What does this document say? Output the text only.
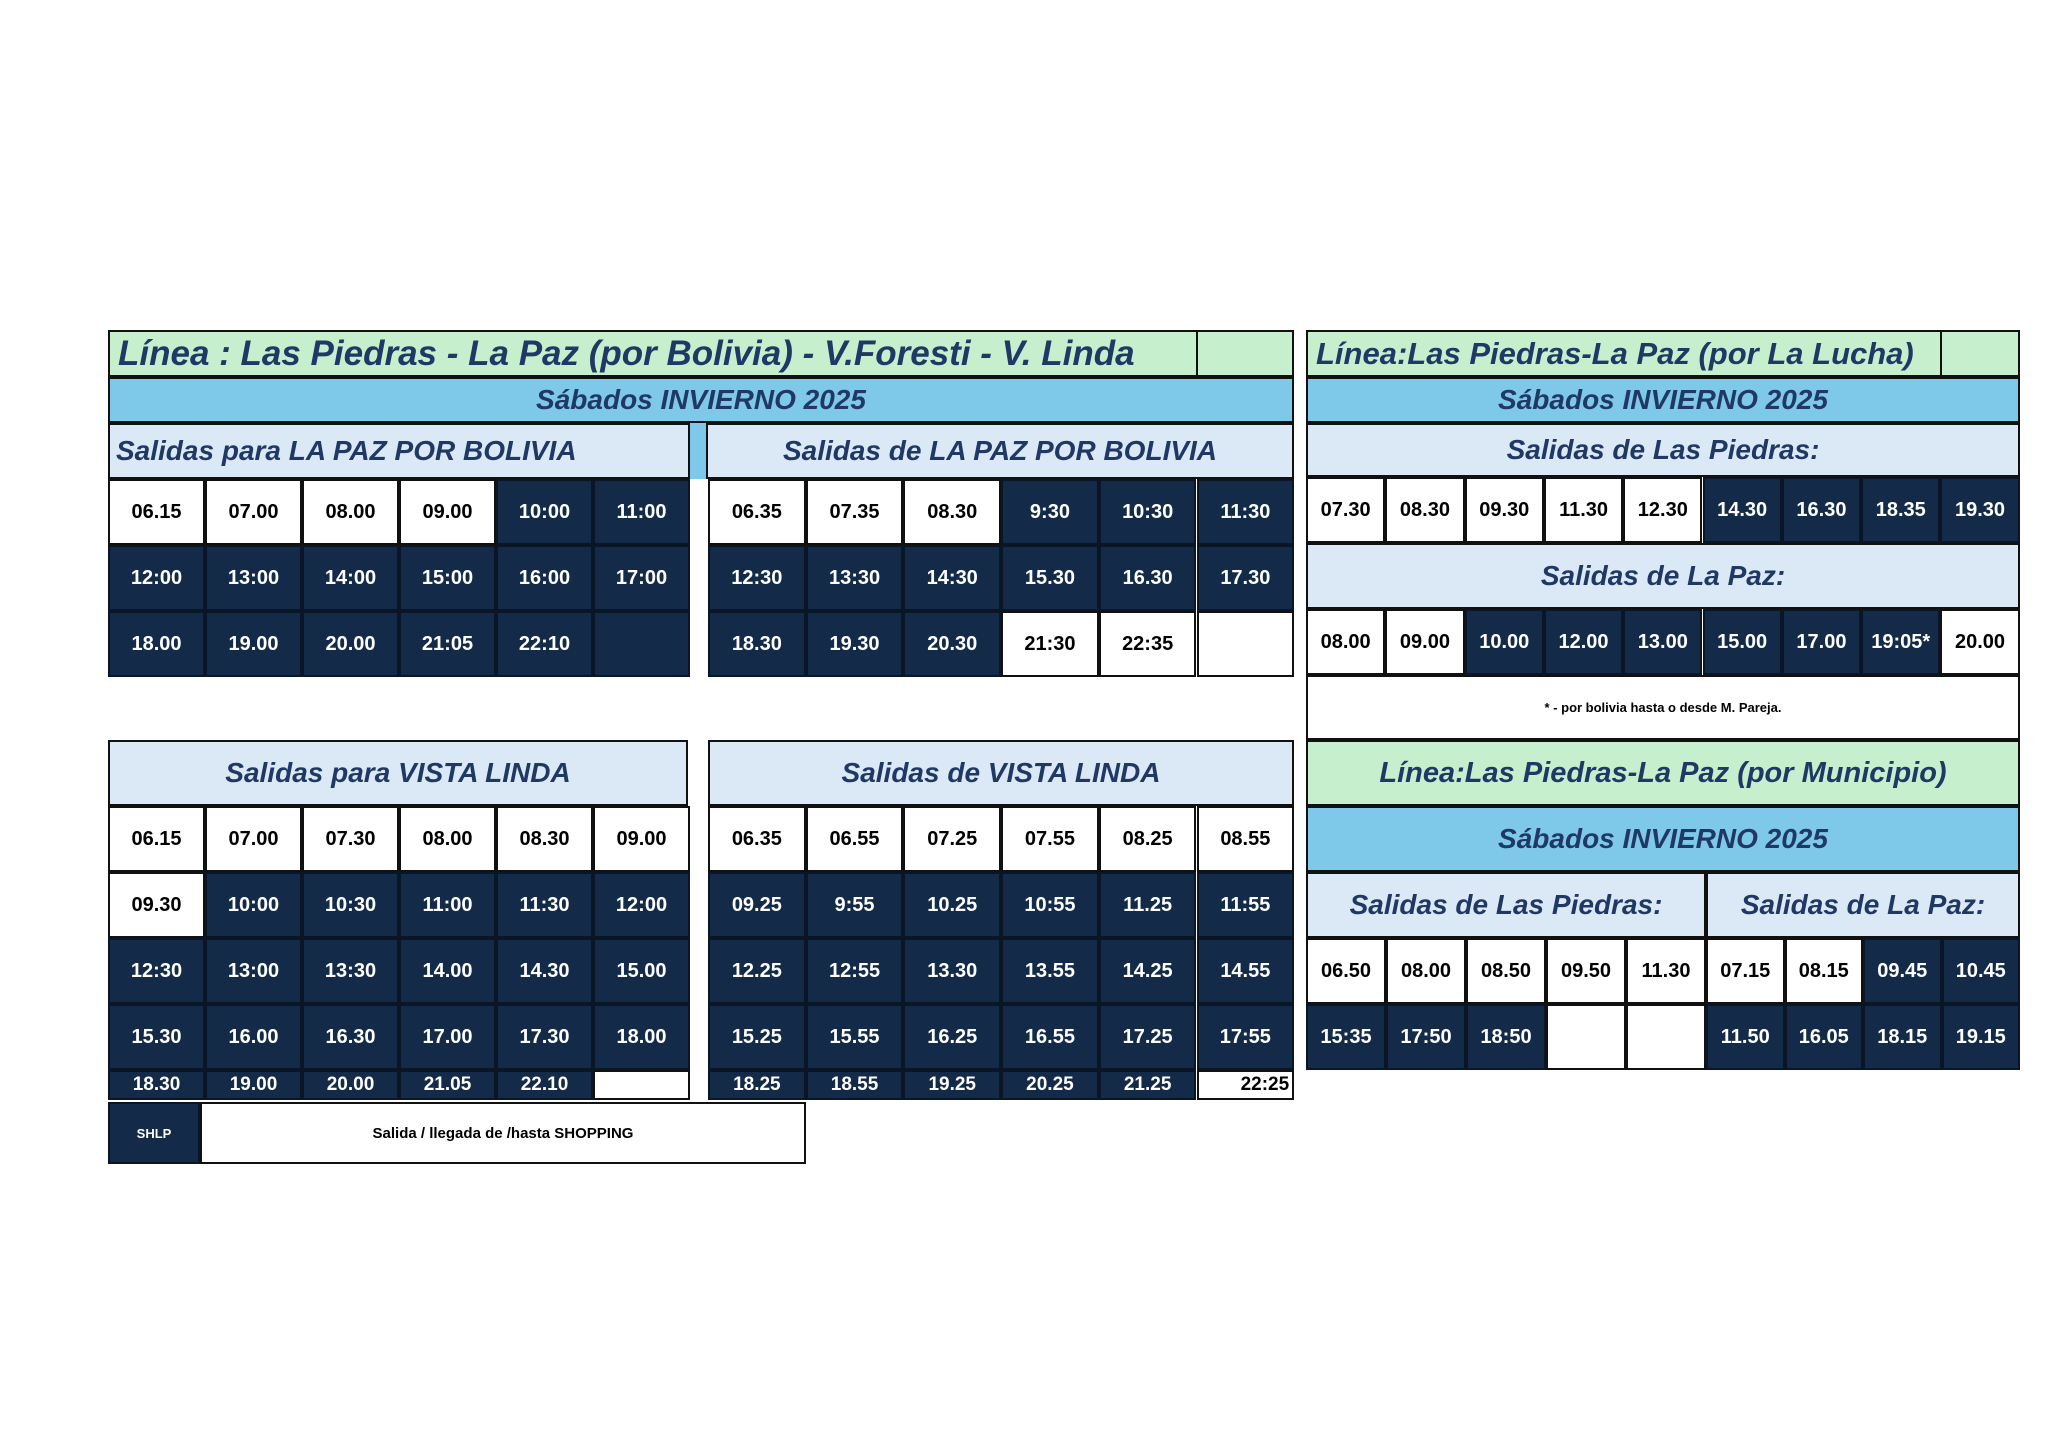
Línea : Las Piedras - La Paz (por Bolivia) - V.Foresti - V. Linda
Sábados INVIERNO 2025
Salidas para LA PAZ POR BOLIVIA	Salidas de LA PAZ POR BOLIVIA
06.15	07.00	08.00	09.00	10:00	11:00
12:00	13:00	14:00	15:00	16:00	17:00
18.00	19.00	20.00	21:05	22:10
06.35	07.35	08.30	9:30	10:30	11:30
12:30	13:30	14:30	15.30	16.30	17.30
18.30	19.30	20.30	21:30	22:35
Salidas para VISTA LINDA	Salidas de VISTA LINDA
06.15	07.00	07.30	08.00	08.30	09.00
09.30	10:00	10:30	11:00	11:30	12:00
12:30	13:00	13:30	14.00	14.30	15.00
15.30	16.00	16.30	17.00	17.30	18.00
18.30	19.00	20.00	21.05	22.10
06.35	06.55	07.25	07.55	08.25	08.55
09.25	9:55	10.25	10:55	11.25	11:55
12.25	12:55	13.30	13.55	14.25	14.55
15.25	15.55	16.25	16.55	17.25	17:55
18.25	18.55	19.25	20.25	21.25	22:25
SHLP	Salida / llegada de /hasta SHOPPING
Línea:Las Piedras-La Paz (por La Lucha)
Sábados INVIERNO 2025
Salidas de Las Piedras:
07.30	08.30	09.30	11.30	12.30	14.30	16.30	18.35	19.30
Salidas de La Paz:
08.00	09.00	10.00	12.00	13.00	15.00	17.00	19:05*	20.00
* - por bolivia hasta o desde M. Pareja.
Línea:Las Piedras-La Paz (por Municipio)
Sábados INVIERNO 2025
Salidas de Las Piedras:	Salidas de La Paz:
06.50	08.00	08.50	09.50	11.30
15:35	17:50	18:50
07.15	08.15	09.45	10.45
11.50	16.05	18.15	19.15
